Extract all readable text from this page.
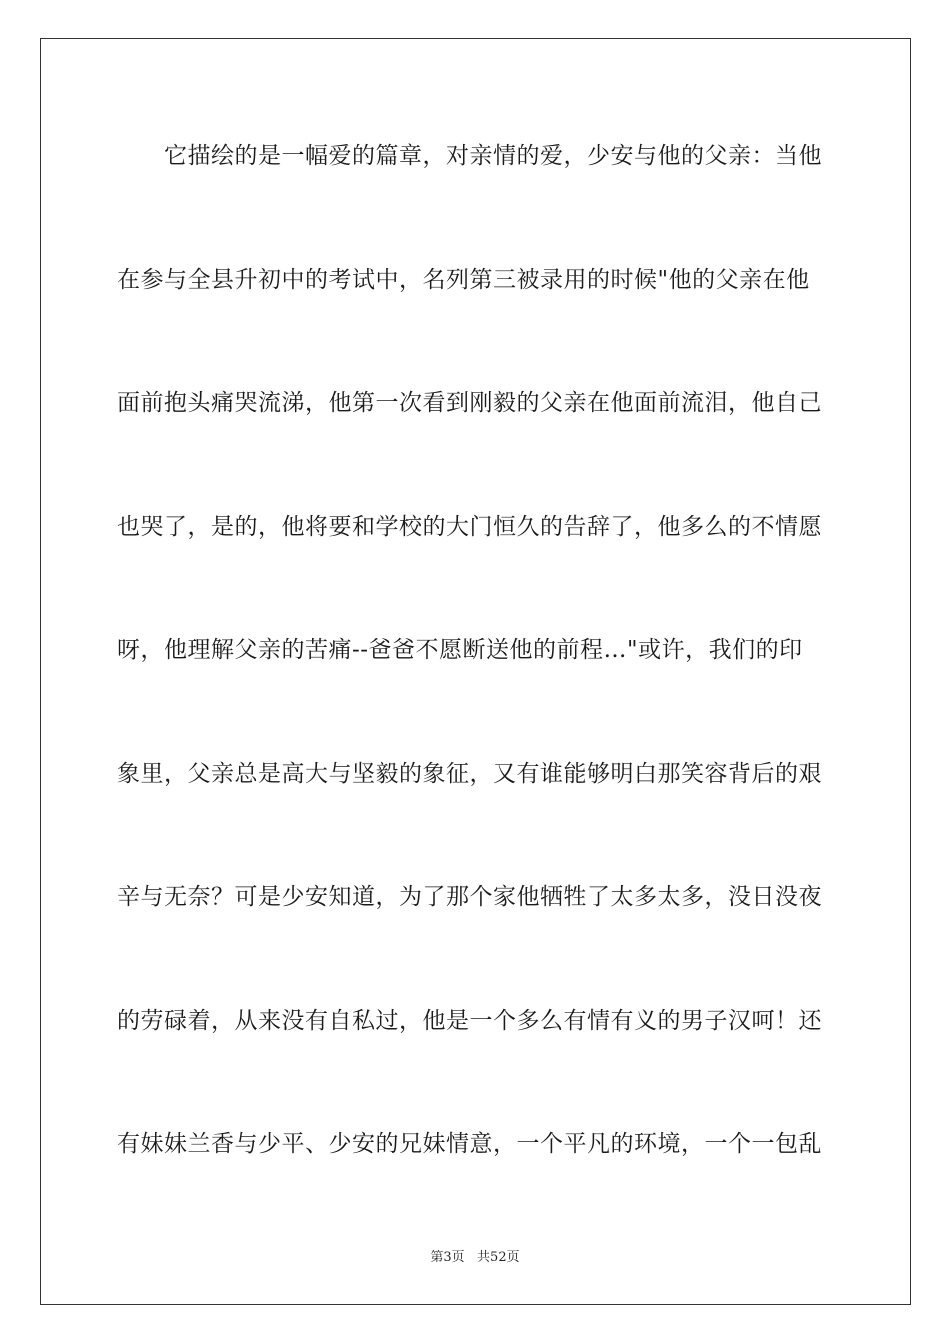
它描绘的是一幅爱的篇章，对亲情的爱，少安与他的父亲：当他

在参与全县升初中的考试中，名列第三被录用的时候"他的父亲在他

面前抱头痛哭流涕，他第一次看到刚毅的父亲在他面前流泪，他自己

也哭了，是的，他将要和学校的大门恒久的告辞了，他多么的不情愿

呀，他理解父亲的苦痛--爸爸不愿断送他的前程…"或许，我们的印

象里，父亲总是高大与坚毅的象征，又有谁能够明白那笑容背后的艰

辛与无奈？可是少安知道，为了那个家他牺牲了太多太多，没日没夜

的劳碌着，从来没有自私过，他是一个多么有情有义的男子汉呵！还

有妹妹兰香与少平、少安的兄妹情意，一个平凡的环境，一个一包乱

第3页   共52页
